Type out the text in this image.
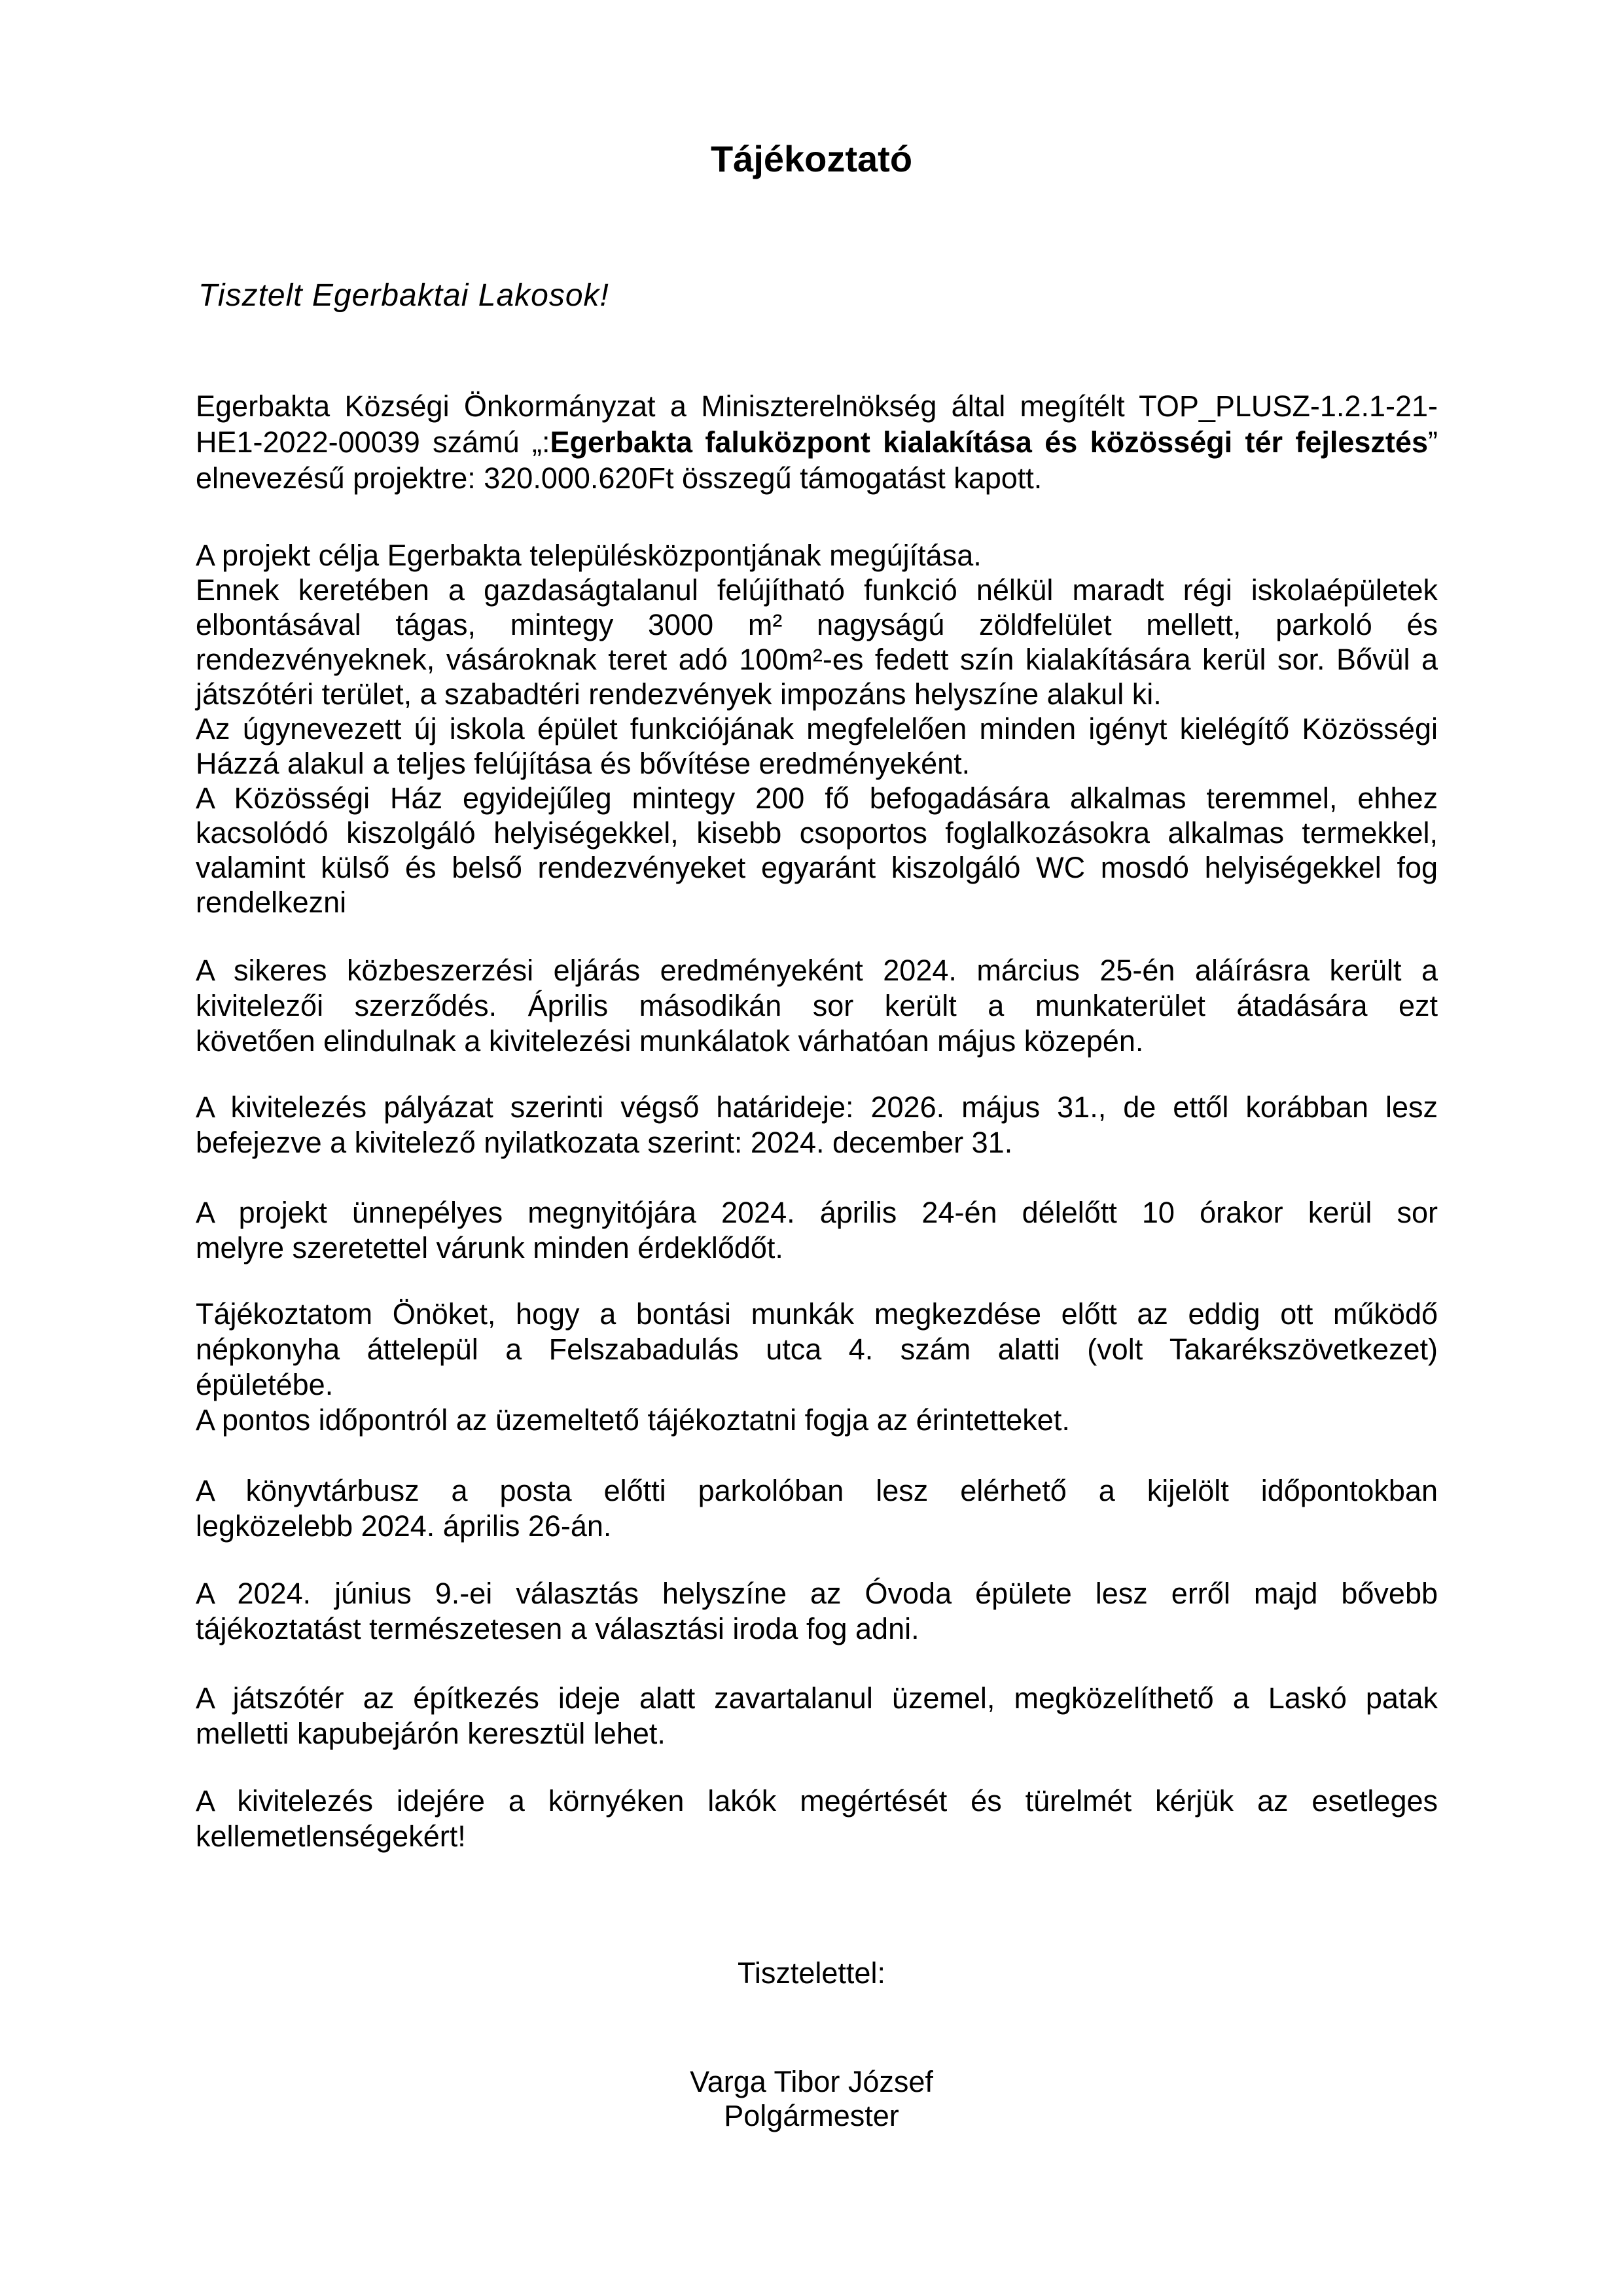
Tájékoztató
Tisztelt Egerbaktai Lakosok!
Egerbakta Községi Önkormányzat a Miniszterelnökség által megítélt TOP_PLUSZ-1.2.1-21-
HE1-2022-00039 számú „:Egerbakta faluközpont kialakítása és közösségi tér fejlesztés”
elnevezésű projektre: 320.000.620Ft összegű támogatást kapott.
A projekt célja Egerbakta településközpontjának megújítása.
Ennek keretében a gazdaságtalanul felújítható funkció nélkül maradt régi iskolaépületek
elbontásával tágas, mintegy 3000 m² nagyságú zöldfelület mellett, parkoló és
rendezvényeknek, vásároknak teret adó 100m²-es fedett szín kialakítására kerül sor. Bővül a
játszótéri terület, a szabadtéri rendezvények impozáns helyszíne alakul ki.
Az úgynevezett új iskola épület funkciójának megfelelően minden igényt kielégítő Közösségi
Házzá alakul a teljes felújítása és bővítése eredményeként.
A Közösségi Ház egyidejűleg mintegy 200 fő befogadására alkalmas teremmel, ehhez
kacsolódó kiszolgáló helyiségekkel, kisebb csoportos foglalkozásokra alkalmas termekkel,
valamint külső és belső rendezvényeket egyaránt kiszolgáló WC mosdó helyiségekkel fog
rendelkezni
A sikeres közbeszerzési eljárás eredményeként 2024. március 25-én aláírásra került a
kivitelezői szerződés. Április másodikán sor került a munkaterület átadására ezt
követően elindulnak a kivitelezési munkálatok várhatóan május közepén.
A kivitelezés pályázat szerinti végső határideje: 2026. május 31., de ettől korábban lesz
befejezve a kivitelező nyilatkozata szerint: 2024. december 31.
A projekt ünnepélyes megnyitójára 2024. április 24-én délelőtt 10 órakor kerül sor
melyre szeretettel várunk minden érdeklődőt.
Tájékoztatom Önöket, hogy a bontási munkák megkezdése előtt az eddig ott működő
népkonyha áttelepül a Felszabadulás utca 4. szám alatti (volt Takarékszövetkezet)
épületébe.
A pontos időpontról az üzemeltető tájékoztatni fogja az érintetteket.
A könyvtárbusz a posta előtti parkolóban lesz elérhető a kijelölt időpontokban
legközelebb 2024. április 26-án.
A 2024. június 9.-ei választás helyszíne az Óvoda épülete lesz erről majd bővebb
tájékoztatást természetesen a választási iroda fog adni.
A játszótér az építkezés ideje alatt zavartalanul üzemel, megközelíthető a Laskó patak
melletti kapubejárón keresztül lehet.
A kivitelezés idejére a környéken lakók megértését és türelmét kérjük az esetleges
kellemetlenségekért!
Tisztelettel:
Varga Tibor József
Polgármester
